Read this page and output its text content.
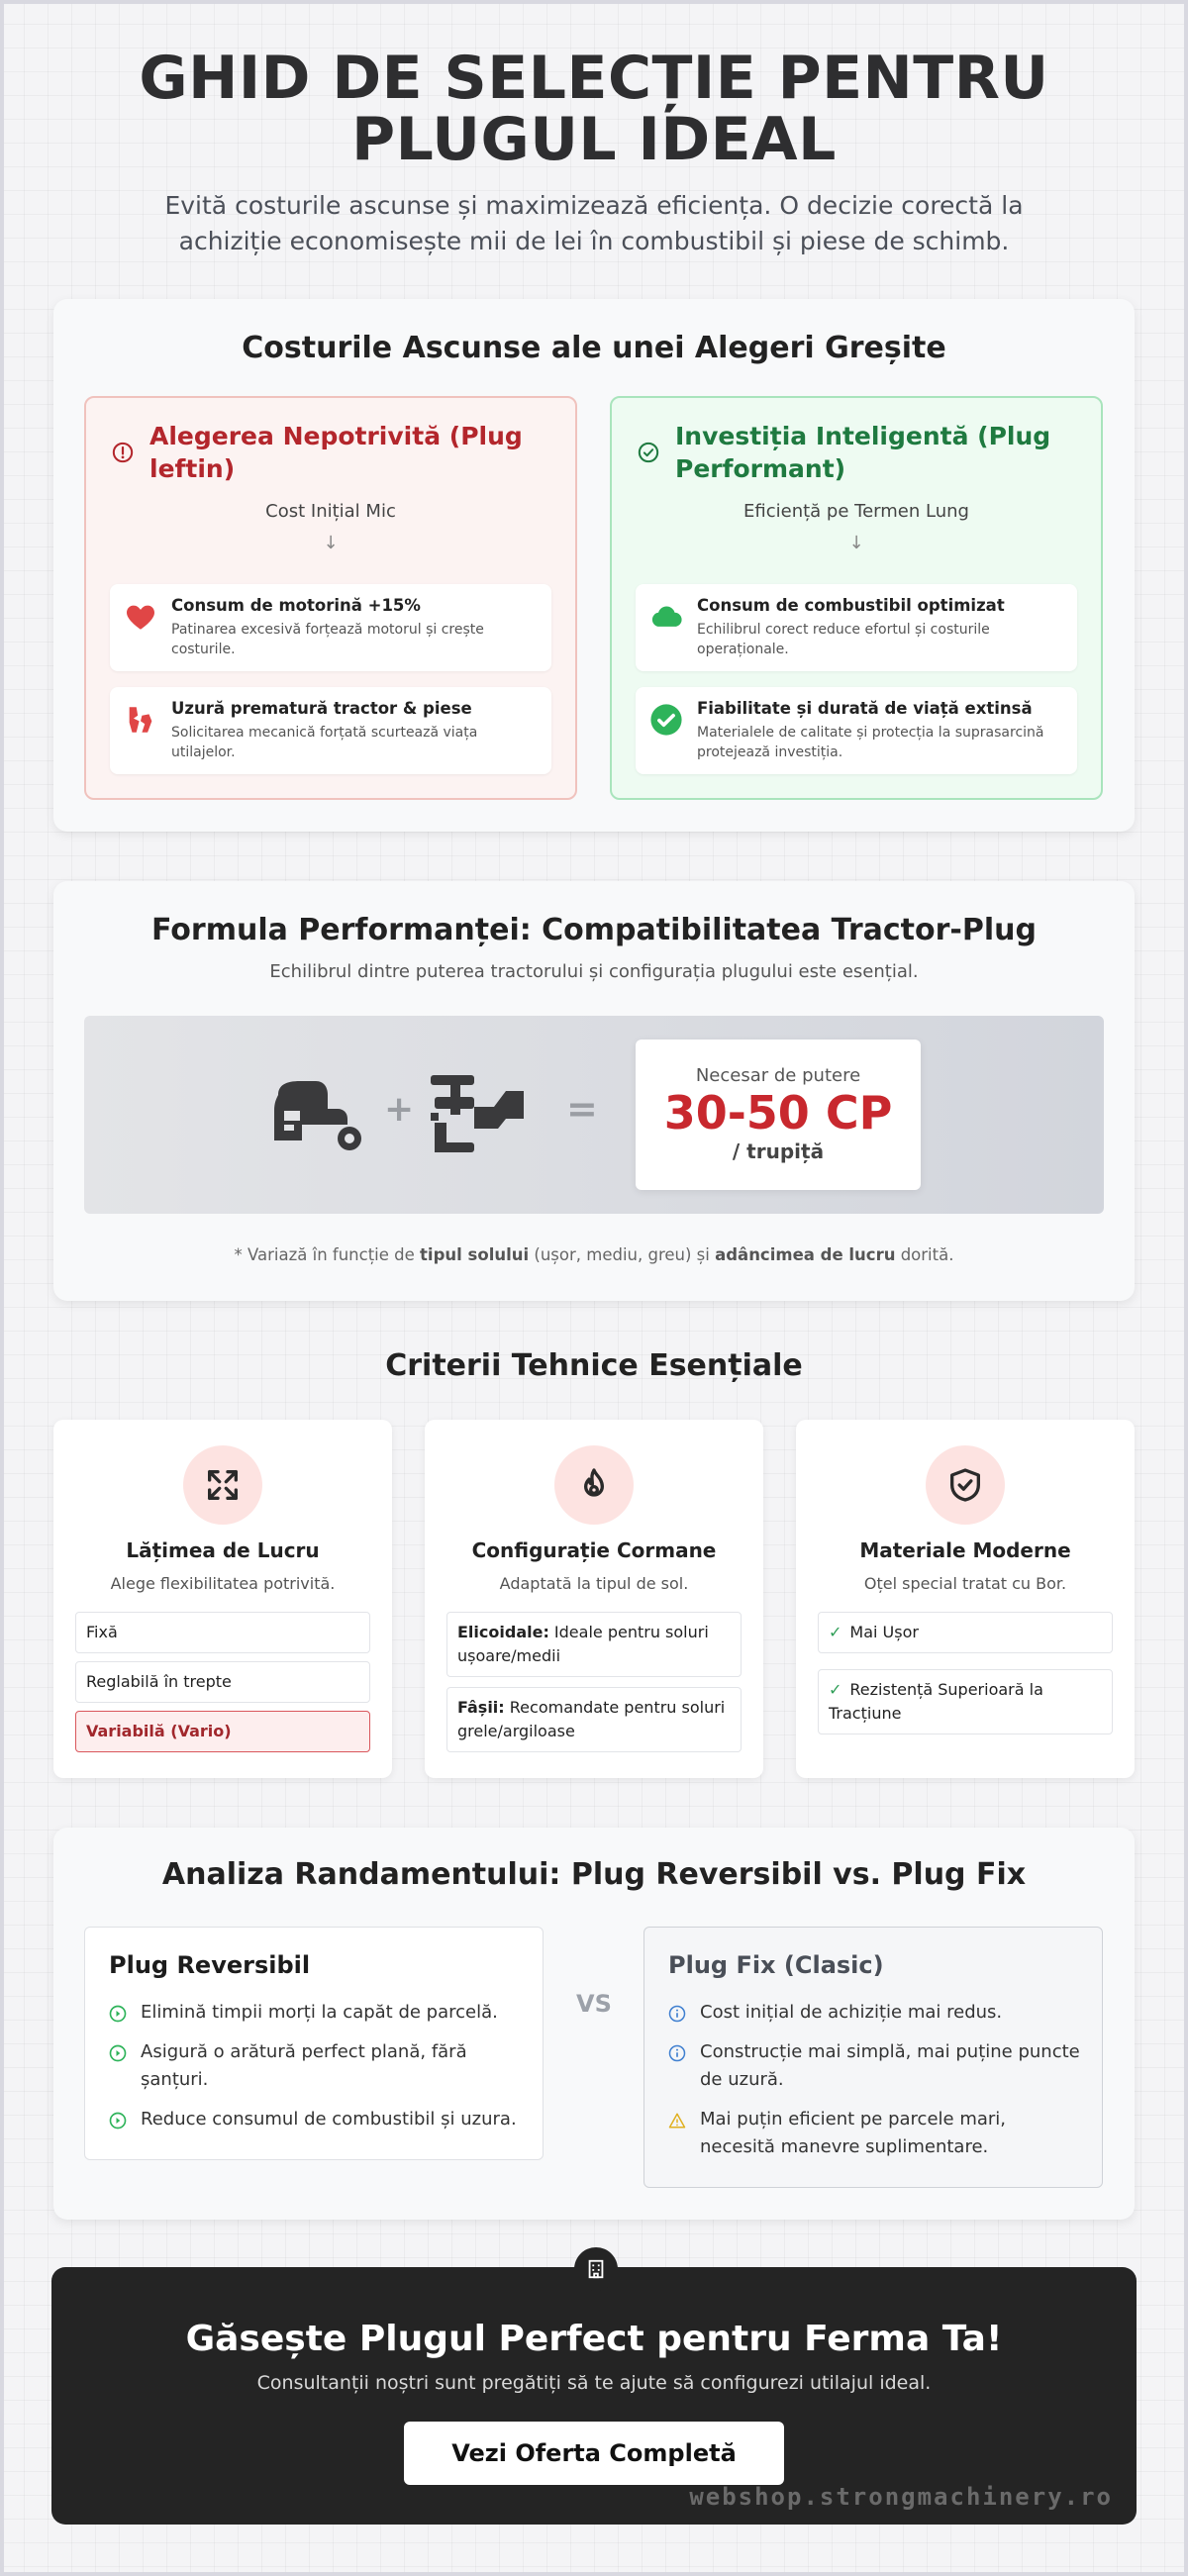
GHID DE SELECȚIE PENTRU PLUGUL IDEAL

Evită costurile ascunse și maximizează eficiența. O decizie corectă la achiziție economisește mii de lei în combustibil și piese de schimb.

Costurile Ascunse ale unei Alegeri Greșite
Alegerea Nepotrivită (Plug leftin)
Cost Inițial Mic
↓
Consum de motorină +15%
Patinarea excesivă forțează motorul și crește costurile.
Uzură prematură tractor & piese
Solicitarea mecanică forțată scurtează viața utilajelor.
Investiția Inteligentă (Plug Performant)
Eficiență pe Termen Lung
↓
Consum de combustibil optimizat
Echilibrul corect reduce efortul și costurile operaționale.
Fiabilitate și durată de viață extinsă
Materialele de calitate și protecția la suprasarcină protejează investiția.
Formula Performanței: Compatibilitatea Tractor-Plug
Echilibrul dintre puterea tractorului și configurația plugului este esențial.
+	=
Necesar de putere
30-50 CP
/ trupiță
* Variază în funcție de tipul solului (ușor, mediu, greu) și adâncimea de lucru dorită.
Criterii Tehnice Esențiale
Lățimea de Lucru
Alege flexibilitatea potrivită.
Fixă
Reglabilă în trepte
Variabilă (Vario)
Configurație Cormane
Adaptată la tipul de sol.
Elicoidale: Ideale pentru soluri ușoare/medii
Fâșii: Recomandate pentru soluri grele/argiloase
Materiale Moderne
Oțel special tratat cu Bor.
✓ Mai Ușor
✓ Rezistență Superioară la Tracțiune
Analiza Randamentului: Plug Reversibil vs. Plug Fix
Plug Reversibil
Elimină timpii morți la capăt de parcelă.
Asigură o arătură perfect plană, fără șanțuri.
Reduce consumul de combustibil și uzura.
VS
Plug Fix (Clasic)
Cost inițial de achiziție mai redus.
Construcție mai simplă, mai puține puncte de uzură.
Mai puțin eficient pe parcele mari, necesită manevre suplimentare.
Găsește Plugul Perfect pentru Ferma Ta!

Consultanții noștri sunt pregătiți să te ajute să configurezi utilajul ideal.

Vezi Oferta Completă
webshop.strongmachinery.ro
